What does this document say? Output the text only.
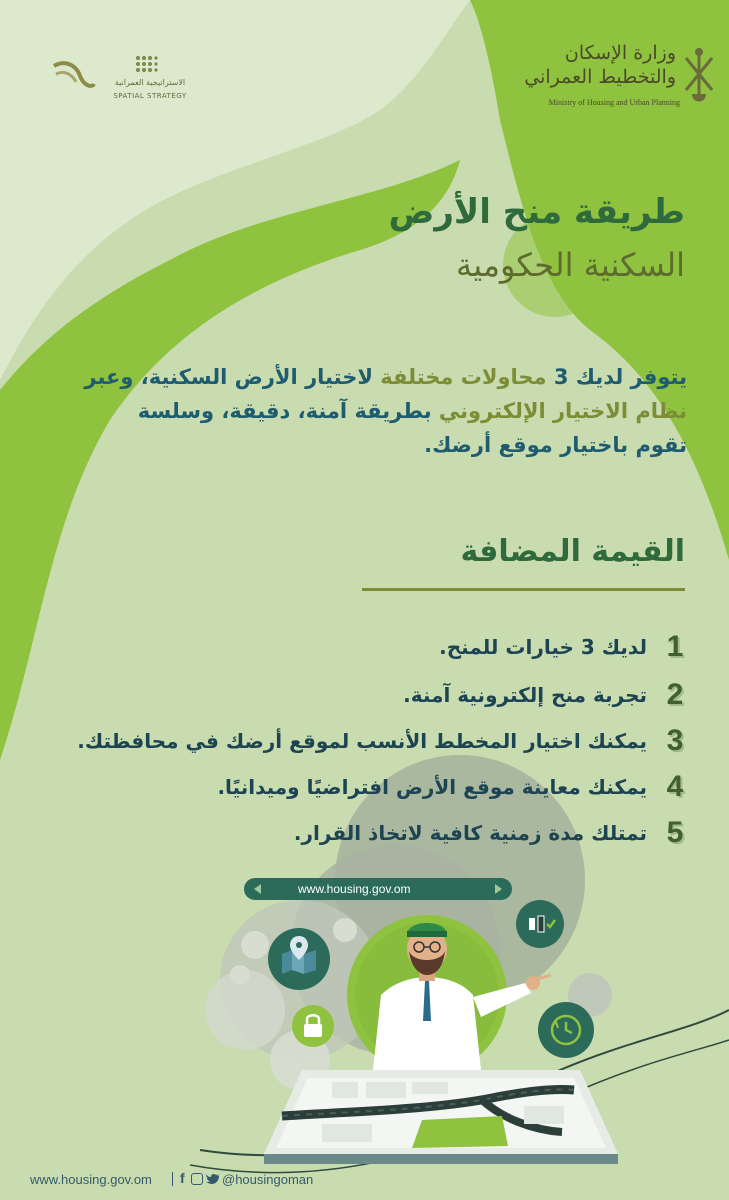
وزارة الإسكان
والتخطيط العمراني
Ministry of Housing and Urban Planning
الاستراتيجية العمرانية
SPATIAL STRATEGY
طريقة منح الأرض
السكنية الحكومية
يتوفر لديك 3 محاولات مختلفة لاختيار الأرض السكنية، وعبر
نظام الاختيار الإلكتروني بطريقة آمنة، دقيقة، وسلسة
تقوم باختيار موقع أرضك.
القيمة المضافة
1
لديك 3 خيارات للمنح.
2
تجربة منح إلكترونية آمنة.
3
يمكنك اختيار المخطط الأنسب لموقع أرضك في محافظتك.
4
يمكنك معاينة موقع الأرض افتراضيًا وميدانيًا.
5
تمتلك مدة زمنية كافية لاتخاذ القرار.
www.housing.gov.om
www.housing.gov.om f	@housingoman
